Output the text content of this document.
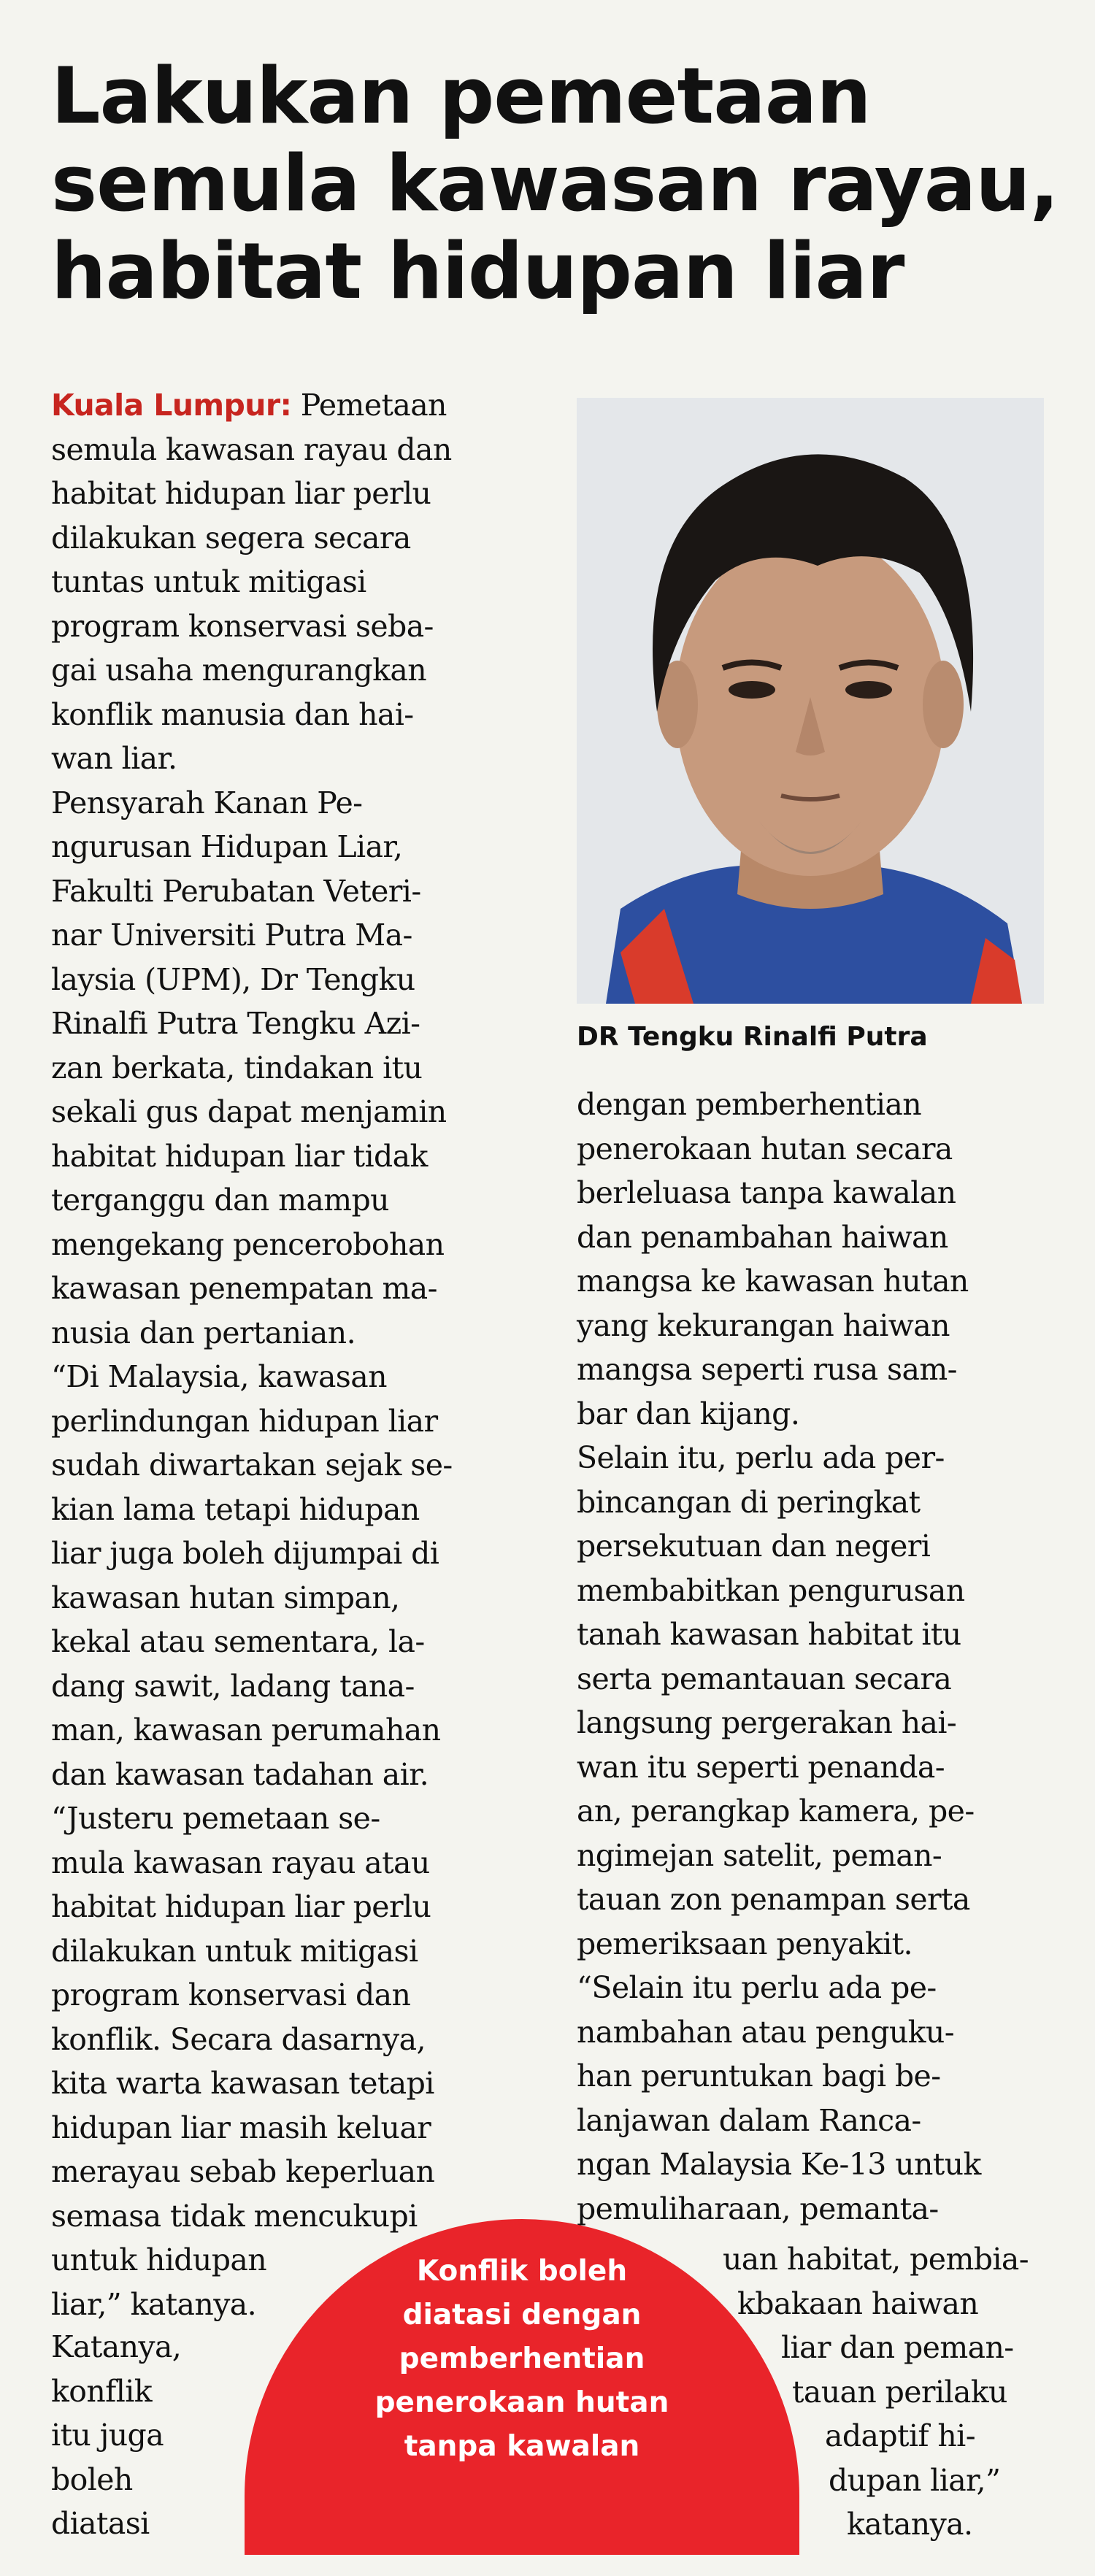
Lakukan pemetaan
semula kawasan rayau,
habitat hidupan liar
DR Tengku Rinalfi Putra
Kuala Lumpur: Pemetaan
semula kawasan rayau dan
habitat hidupan liar perlu
dilakukan segera secara
tuntas untuk mitigasi
program konservasi seba-
gai usaha mengurangkan
konflik manusia dan hai-
wan liar.
Pensyarah Kanan Pe-
ngurusan Hidupan Liar,
Fakulti Perubatan Veteri-
nar Universiti Putra Ma-
laysia (UPM), Dr Tengku
Rinalfi Putra Tengku Azi-
zan berkata, tindakan itu
sekali gus dapat menjamin
habitat hidupan liar tidak
terganggu dan mampu
mengekang pencerobohan
kawasan penempatan ma-
nusia dan pertanian.
“Di Malaysia, kawasan
perlindungan hidupan liar
sudah diwartakan sejak se-
kian lama tetapi hidupan
liar juga boleh dijumpai di
kawasan hutan simpan,
kekal atau sementara, la-
dang sawit, ladang tana-
man, kawasan perumahan
dan kawasan tadahan air.
“Justeru pemetaan se-
mula kawasan rayau atau
habitat hidupan liar perlu
dilakukan untuk mitigasi
program konservasi dan
konflik. Secara dasarnya,
kita warta kawasan tetapi
hidupan liar masih keluar
merayau sebab keperluan
semasa tidak mencukupi
untuk hidupan
liar,” katanya.
dengan pemberhentian
penerokaan hutan secara
berleluasa tanpa kawalan
dan penambahan haiwan
mangsa ke kawasan hutan
yang kekurangan haiwan
mangsa seperti rusa sam-
bar dan kijang.
Selain itu, perlu ada per-
bincangan di peringkat
persekutuan dan negeri
membabitkan pengurusan
tanah kawasan habitat itu
serta pemantauan secara
langsung pergerakan hai-
wan itu seperti penanda-
an, perangkap kamera, pe-
ngimejan satelit, peman-
tauan zon penampan serta
pemeriksaan penyakit.
“Selain itu perlu ada pe-
nambahan atau penguku-
han peruntukan bagi be-
lanjawan dalam Ranca-
ngan Malaysia Ke-13 untuk
pemuliharaan, pemanta-
Katanya,
konflik
itu juga
boleh
diatasi
uan habitat, pembia-
kbakaan haiwan
liar dan peman-
tauan perilaku
adaptif hi-
dupan liar,”
katanya.
Konflik boleh
diatasi dengan
pemberhentian
penerokaan hutan
tanpa kawalan
